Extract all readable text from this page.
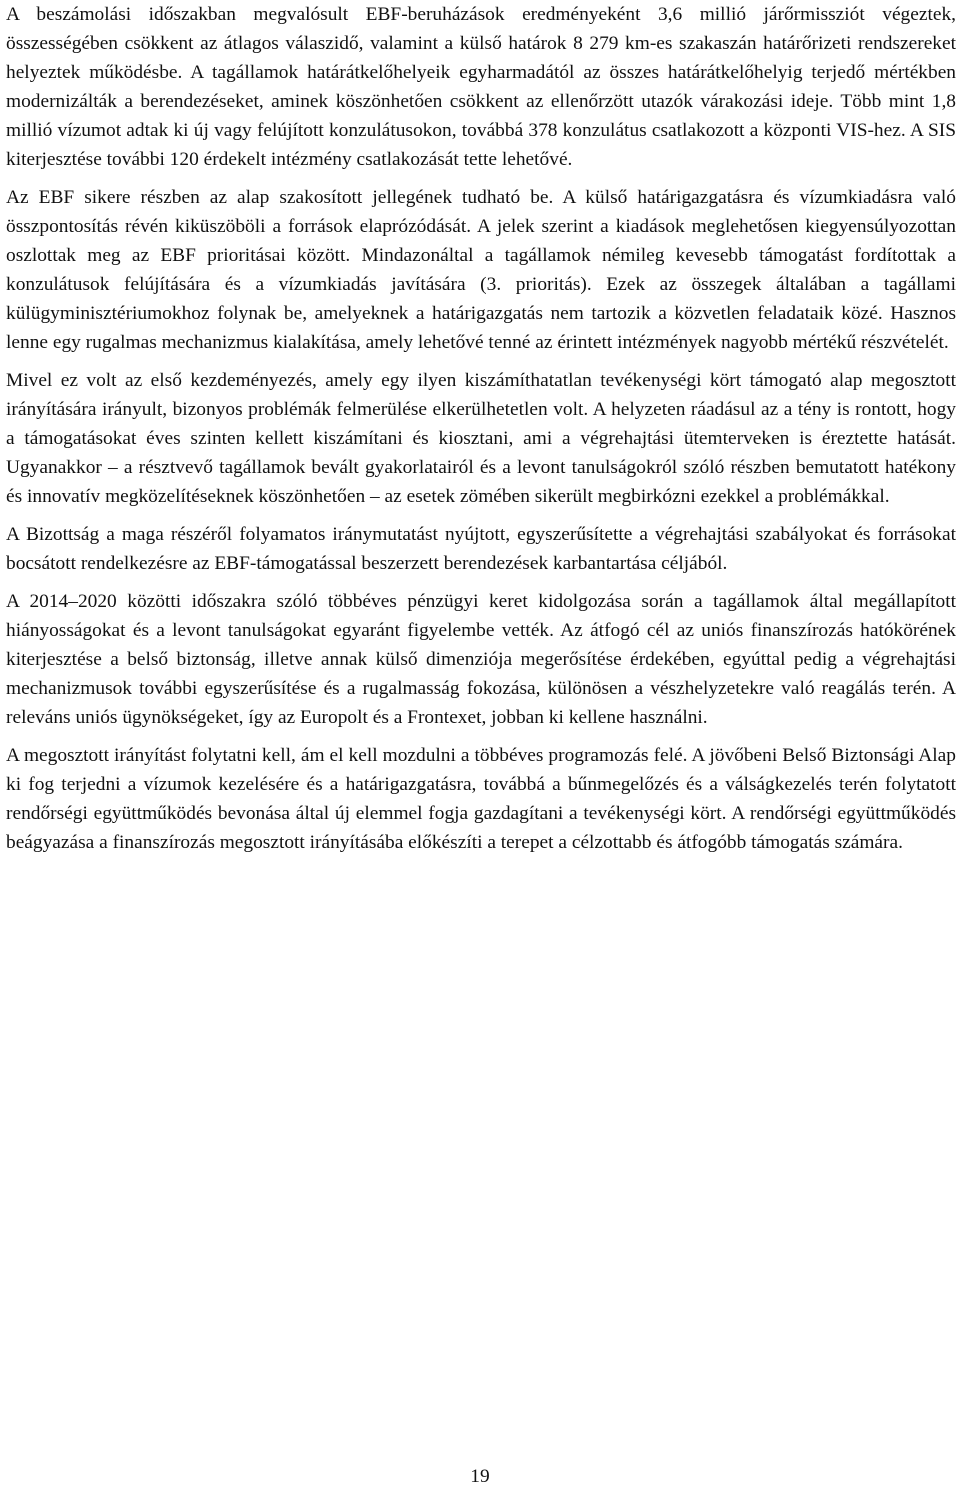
A beszámolási időszakban megvalósult EBF-beruházások eredményeként 3,6 millió járőrmissziót végeztek, összességében csökkent az átlagos válaszidő, valamint a külső határok 8 279 km-es szakaszán határőrizeti rendszereket helyeztek működésbe. A tagállamok határátkelőhelyeik egyharmadától az összes határátkelőhelyig terjedő mértékben modernizálták a berendezéseket, aminek köszönhetően csökkent az ellenőrzött utazók várakozási ideje. Több mint 1,8 millió vízumot adtak ki új vagy felújított konzulátusokon, továbbá 378 konzulátus csatlakozott a központi VIS-hez. A SIS kiterjesztése további 120 érdekelt intézmény csatlakozását tette lehetővé.

Az EBF sikere részben az alap szakosított jellegének tudható be. A külső határigazgatásra és vízumkiadásra való összpontosítás révén kiküszöböli a források elaprózódását. A jelek szerint a kiadások meglehetősen kiegyensúlyozottan oszlottak meg az EBF prioritásai között. Mindazonáltal a tagállamok némileg kevesebb támogatást fordítottak a konzulátusok felújítására és a vízumkiadás javítására (3. prioritás). Ezek az összegek általában a tagállami külügyminisztériumokhoz folynak be, amelyeknek a határigazgatás nem tartozik a közvetlen feladataik közé. Hasznos lenne egy rugalmas mechanizmus kialakítása, amely lehetővé tenné az érintett intézmények nagyobb mértékű részvételét.

Mivel ez volt az első kezdeményezés, amely egy ilyen kiszámíthatatlan tevékenységi kört támogató alap megosztott irányítására irányult, bizonyos problémák felmerülése elkerülhetetlen volt. A helyzeten ráadásul az a tény is rontott, hogy a támogatásokat éves szinten kellett kiszámítani és kiosztani, ami a végrehajtási ütemterveken is éreztette hatását. Ugyanakkor – a résztvevő tagállamok bevált gyakorlatairól és a levont tanulságokról szóló részben bemutatott hatékony és innovatív megközelítéseknek köszönhetően – az esetek zömében sikerült megbirkózni ezekkel a problémákkal.

A Bizottság a maga részéről folyamatos iránymutatást nyújtott, egyszerűsítette a végrehajtási szabályokat és forrásokat bocsátott rendelkezésre az EBF-támogatással beszerzett berendezések karbantartása céljából.

A 2014–2020 közötti időszakra szóló többéves pénzügyi keret kidolgozása során a tagállamok által megállapított hiányosságokat és a levont tanulságokat egyaránt figyelembe vették. Az átfogó cél az uniós finanszírozás hatókörének kiterjesztése a belső biztonság, illetve annak külső dimenziója megerősítése érdekében, egyúttal pedig a végrehajtási mechanizmusok további egyszerűsítése és a rugalmasság fokozása, különösen a vészhelyzetekre való reagálás terén. A releváns uniós ügynökségeket, így az Europolt és a Frontexet, jobban ki kellene használni.

A megosztott irányítást folytatni kell, ám el kell mozdulni a többéves programozás felé. A jövőbeni Belső Biztonsági Alap ki fog terjedni a vízumok kezelésére és a határigazgatásra, továbbá a bűnmegelőzés és a válságkezelés terén folytatott rendőrségi együttműködés bevonása által új elemmel fogja gazdagítani a tevékenységi kört. A rendőrségi együttműködés beágyazása a finanszírozás megosztott irányításába előkészíti a terepet a célzottabb és átfogóbb támogatás számára.

19
